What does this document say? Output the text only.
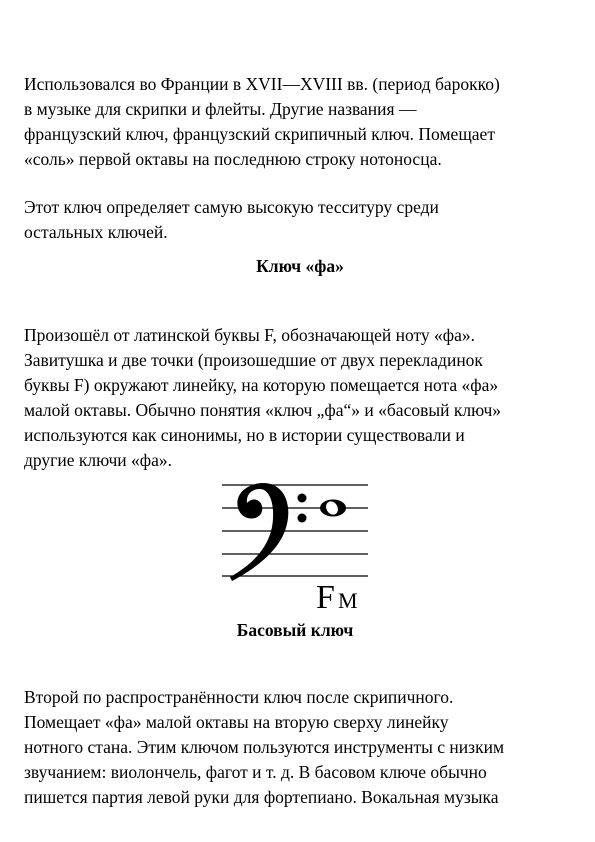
Использовался во Франции в XVII—XVIII вв. (период барокко)
в музыке для скрипки и флейты. Другие названия —
французский ключ, французский скрипичный ключ. Помещает
«соль» первой октавы на последнюю строку нотоносца.

Этот ключ определяет самую высокую тесситуру среди
остальных ключей.

Ключ «фа»

Произошёл от латинской буквы F, обозначающей ноту «фа».
Завитушка и две точки (произошедшие от двух перекладинок
буквы F) окружают линейку, на которую помещается нота «фа»
малой октавы. Обычно понятия «ключ „фа“» и «басовый ключ»
используются как синонимы, но в истории существовали и
другие ключи «фа».

F М
Басовый ключ

Второй по распространённости ключ после скрипичного.
Помещает «фа» малой октавы на вторую сверху линейку
нотного стана. Этим ключом пользуются инструменты с низким
звучанием: виолончель, фагот и т. д. В басовом ключе обычно
пишется партия левой руки для фортепиано. Вокальная музыка
